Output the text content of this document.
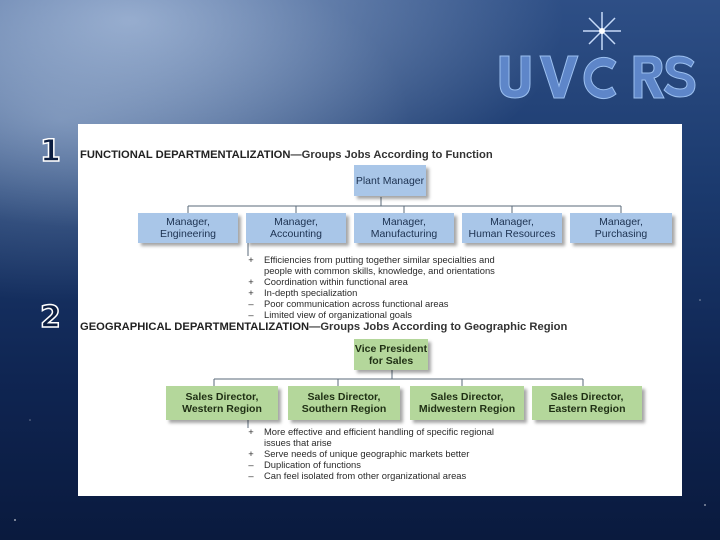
1
2
FUNCTIONAL DEPARTMENTALIZATION—Groups Jobs According to Function
Plant Manager
Manager,
Engineering
Manager,
Accounting
Manager,
Manufacturing
Manager,
Human Resources
Manager,
Purchasing
+ Efficiencies from putting together similar specialties and
people with common skills, knowledge, and orientations
+ Coordination within functional area
+ In-depth specialization
– Poor communication across functional areas
– Limited view of organizational goals
GEOGRAPHICAL DEPARTMENTALIZATION—Groups Jobs According to Geographic Region
Vice President
for Sales
Sales Director,
Western Region
Sales Director,
Southern Region
Sales Director,
Midwestern Region
Sales Director,
Eastern Region
+ More effective and efficient handling of specific regional
issues that arise
+ Serve needs of unique geographic markets better
– Duplication of functions
– Can feel isolated from other organizational areas
